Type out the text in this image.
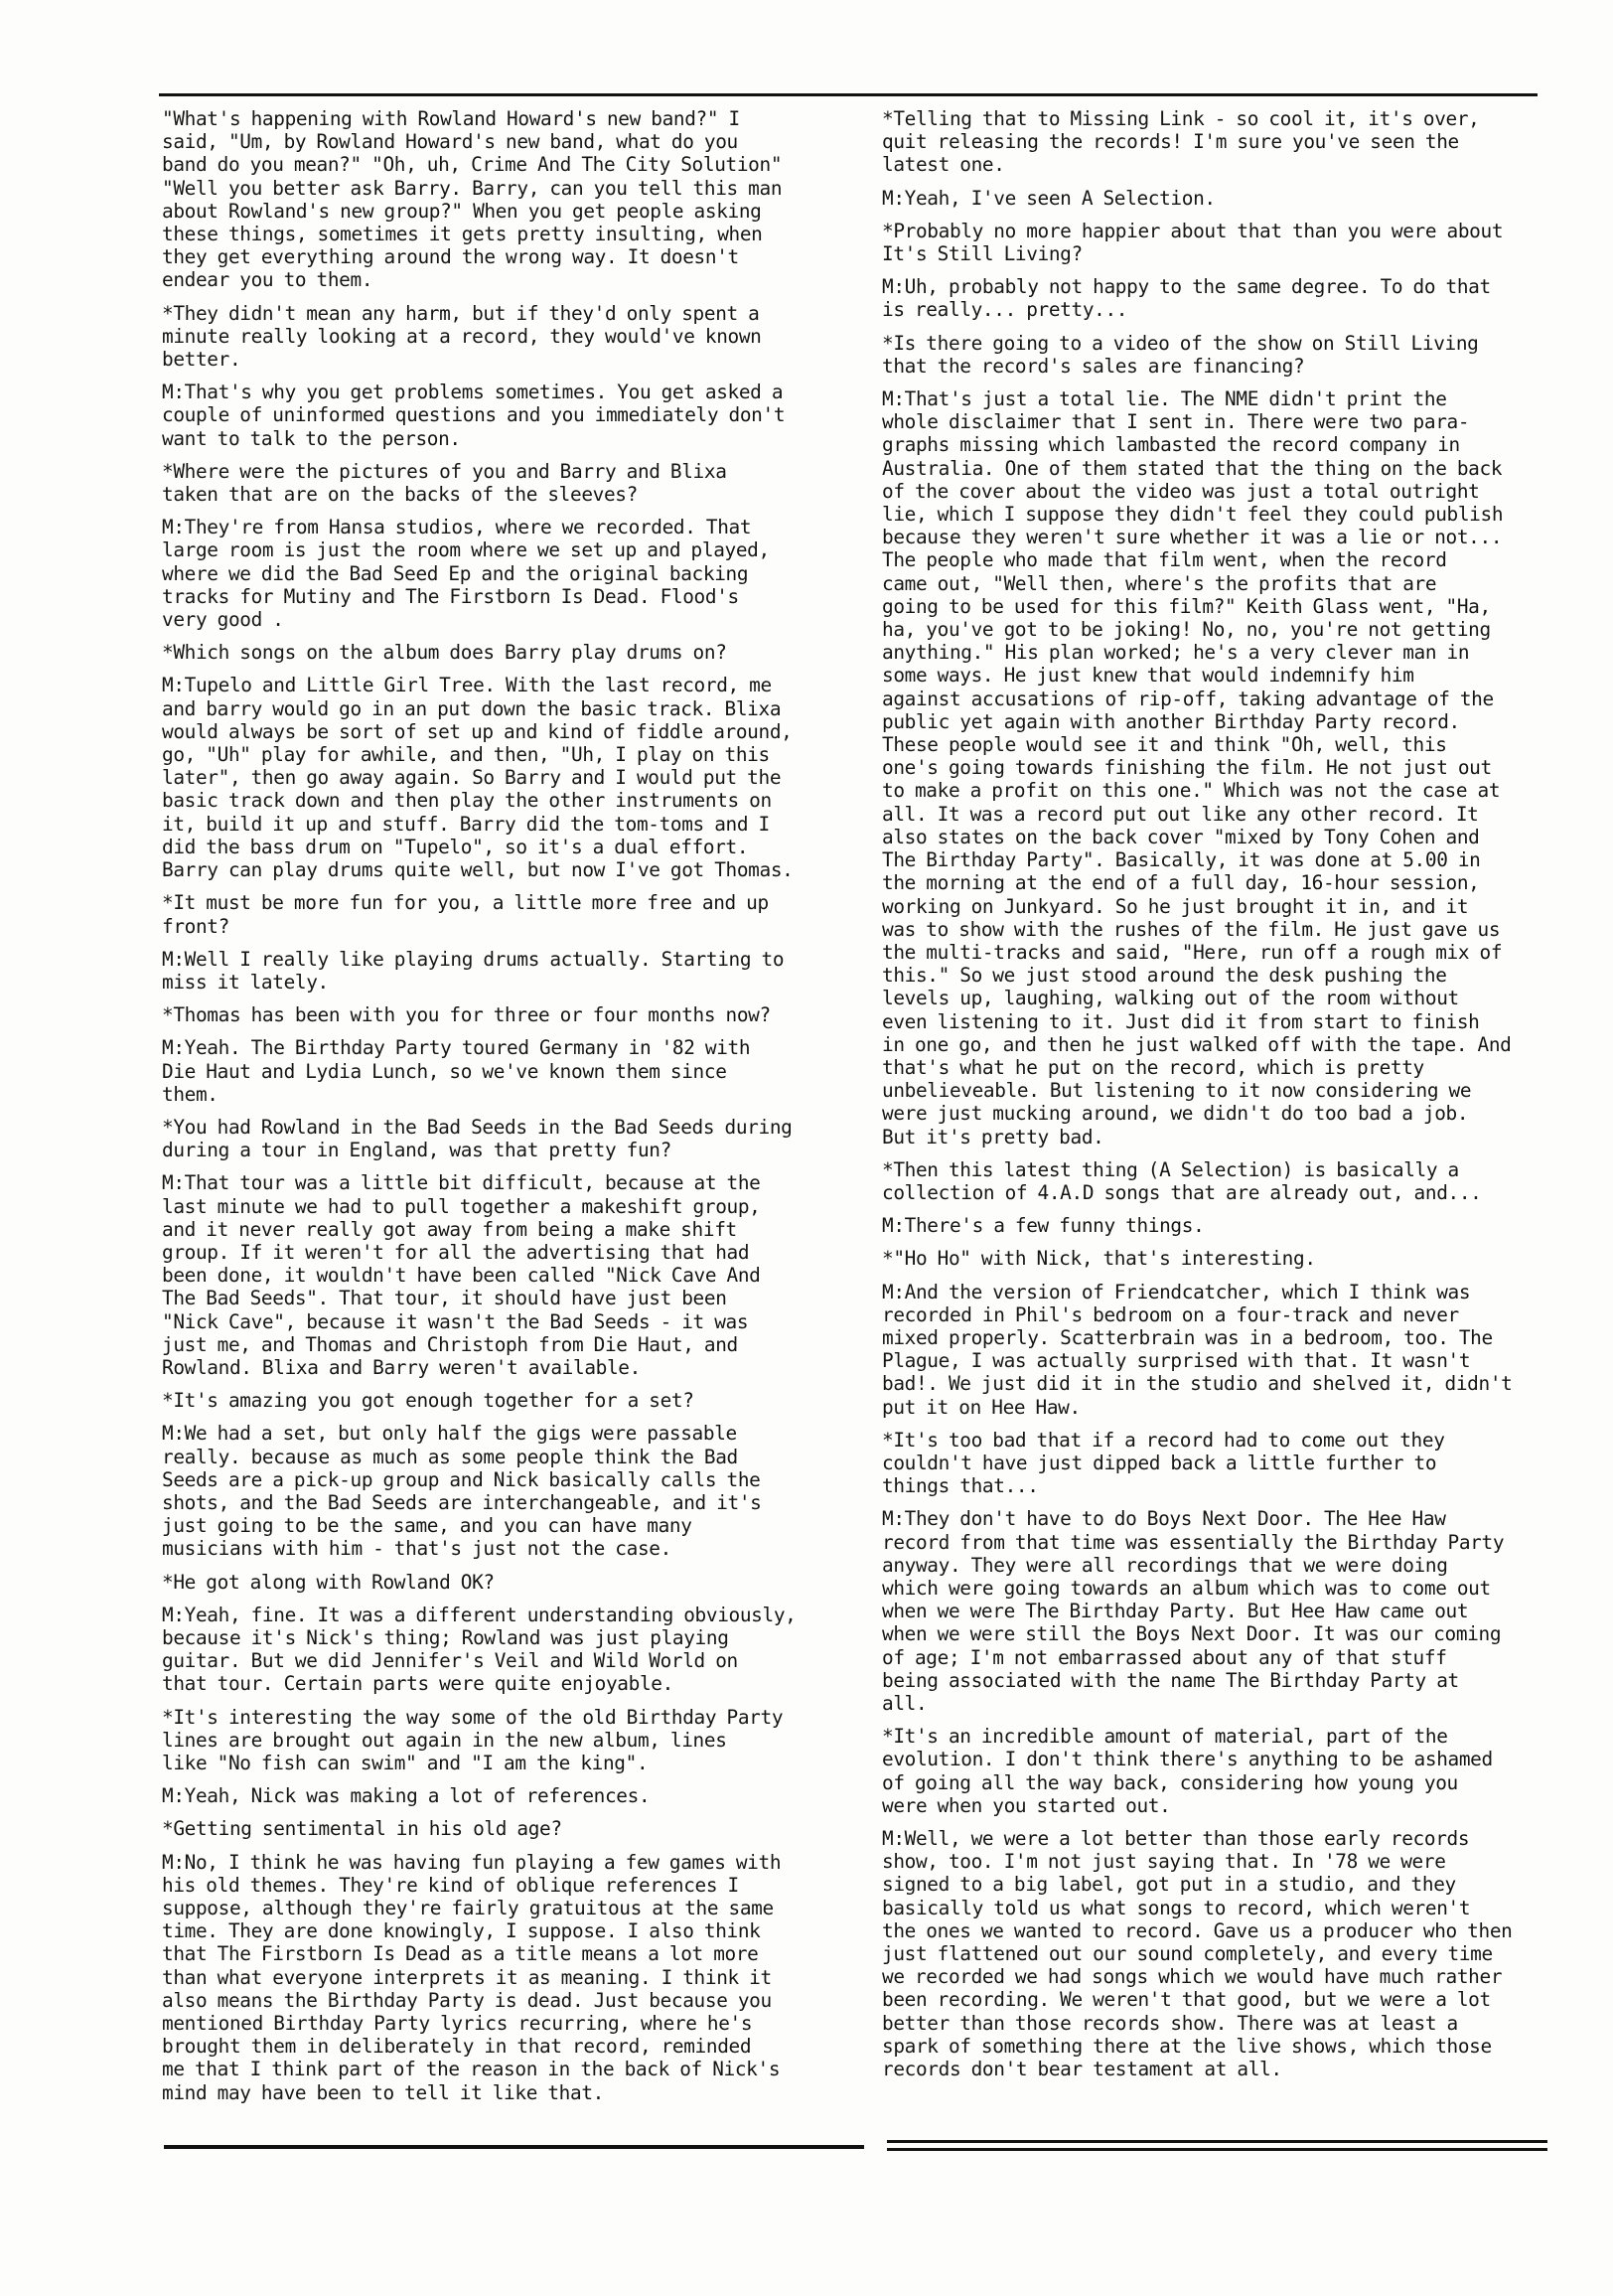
"What's happening with Rowland Howard's new band?" I
said, "Um, by Rowland Howard's new band, what do you
band do you mean?" "Oh, uh, Crime And The City Solution"
"Well you better ask Barry. Barry, can you tell this man
about Rowland's new group?" When you get people asking
these things, sometimes it gets pretty insulting, when
they get everything around the wrong way. It doesn't
endear you to them.

*They didn't mean any harm, but if they'd only spent a
minute really looking at a record, they would've known
better.

M:That's why you get problems sometimes. You get asked a
couple of uninformed questions and you immediately don't
want to talk to the person.

*Where were the pictures of you and Barry and Blixa
taken that are on the backs of the sleeves?

M:They're from Hansa studios, where we recorded. That
large room is just the room where we set up and played,
where we did the Bad Seed Ep and the original backing
tracks for Mutiny and The Firstborn Is Dead. Flood's
very good .

*Which songs on the album does Barry play drums on?

M:Tupelo and Little Girl Tree. With the last record, me
and barry would go in an put down the basic track. Blixa
would always be sort of set up and kind of fiddle around,
go, "Uh" play for awhile, and then, "Uh, I play on this
later", then go away again. So Barry and I would put the
basic track down and then play the other instruments on
it, build it up and stuff. Barry did the tom-toms and I
did the bass drum on "Tupelo", so it's a dual effort.
Barry can play drums quite well, but now I've got Thomas.

*It must be more fun for you, a little more free and up
front?

M:Well I really like playing drums actually. Starting to
miss it lately.

*Thomas has been with you for three or four months now?

M:Yeah. The Birthday Party toured Germany in '82 with
Die Haut and Lydia Lunch, so we've known them since
them.

*You had Rowland in the Bad Seeds in the Bad Seeds during
during a tour in England, was that pretty fun?

M:That tour was a little bit difficult, because at the
last minute we had to pull together a makeshift group,
and it never really got away from being a make shift
group. If it weren't for all the advertising that had
been done, it wouldn't have been called "Nick Cave And
The Bad Seeds". That tour, it should have just been
"Nick Cave", because it wasn't the Bad Seeds - it was
just me, and Thomas and Christoph from Die Haut, and
Rowland. Blixa and Barry weren't available.

*It's amazing you got enough together for a set?

M:We had a set, but only half the gigs were passable
really. because as much as some people think the Bad
Seeds are a pick-up group and Nick basically calls the
shots, and the Bad Seeds are interchangeable, and it's
just going to be the same, and you can have many
musicians with him - that's just not the case.

*He got along with Rowland OK?

M:Yeah, fine. It was a different understanding obviously,
because it's Nick's thing; Rowland was just playing
guitar. But we did Jennifer's Veil and Wild World on
that tour. Certain parts were quite enjoyable.

*It's interesting the way some of the old Birthday Party
lines are brought out again in the new album, lines
like "No fish can swim" and "I am the king".

M:Yeah, Nick was making a lot of references.

*Getting sentimental in his old age?

M:No, I think he was having fun playing a few games with
his old themes. They're kind of oblique references I
suppose, although they're fairly gratuitous at the same
time. They are done knowingly, I suppose. I also think
that The Firstborn Is Dead as a title means a lot more
than what everyone interprets it as meaning. I think it
also means the Birthday Party is dead. Just because you
mentioned Birthday Party lyrics recurring, where he's
brought them in deliberately in that record, reminded
me that I think part of the reason in the back of Nick's
mind may have been to tell it like that.

*Telling that to Missing Link - so cool it, it's over,
quit releasing the records! I'm sure you've seen the
latest one.

M:Yeah, I've seen A Selection.

*Probably no more happier about that than you were about
It's Still Living?

M:Uh, probably not happy to the same degree. To do that
is really... pretty...

*Is there going to a video of the show on Still Living
that the record's sales are financing?

M:That's just a total lie. The NME didn't print the
whole disclaimer that I sent in. There were two para-
graphs missing which lambasted the record company in
Australia. One of them stated that the thing on the back
of the cover about the video was just a total outright
lie, which I suppose they didn't feel they could publish
because they weren't sure whether it was a lie or not...
The people who made that film went, when the record
came out, "Well then, where's the profits that are
going to be used for this film?" Keith Glass went, "Ha,
ha, you've got to be joking! No, no, you're not getting
anything." His plan worked; he's a very clever man in
some ways. He just knew that would indemnify him
against accusations of rip-off, taking advantage of the
public yet again with another Birthday Party record.
These people would see it and think "Oh, well, this
one's going towards finishing the film. He not just out
to make a profit on this one." Which was not the case at
all. It was a record put out like any other record. It
also states on the back cover "mixed by Tony Cohen and
The Birthday Party". Basically, it was done at 5.00 in
the morning at the end of a full day, 16-hour session,
working on Junkyard. So he just brought it in, and it
was to show with the rushes of the film. He just gave us
the multi-tracks and said, "Here, run off a rough mix of
this." So we just stood around the desk pushing the
levels up, laughing, walking out of the room without
even listening to it. Just did it from start to finish
in one go, and then he just walked off with the tape. And
that's what he put on the record, which is pretty
unbelieveable. But listening to it now considering we
were just mucking around, we didn't do too bad a job.
But it's pretty bad.

*Then this latest thing (A Selection) is basically a
collection of 4.A.D songs that are already out, and...

M:There's a few funny things.

*"Ho Ho" with Nick, that's interesting.

M:And the version of Friendcatcher, which I think was
recorded in Phil's bedroom on a four-track and never
mixed properly. Scatterbrain was in a bedroom, too. The
Plague, I was actually surprised with that. It wasn't
bad!. We just did it in the studio and shelved it, didn't
put it on Hee Haw.

*It's too bad that if a record had to come out they
couldn't have just dipped back a little further to
things that...

M:They don't have to do Boys Next Door. The Hee Haw
record from that time was essentially the Birthday Party
anyway. They were all recordings that we were doing
which were going towards an album which was to come out
when we were The Birthday Party. But Hee Haw came out
when we were still the Boys Next Door. It was our coming
of age; I'm not embarrassed about any of that stuff
being associated with the name The Birthday Party at
all.

*It's an incredible amount of material, part of the
evolution. I don't think there's anything to be ashamed
of going all the way back, considering how young you
were when you started out.

M:Well, we were a lot better than those early records
show, too. I'm not just saying that. In '78 we were
signed to a big label, got put in a studio, and they
basically told us what songs to record, which weren't
the ones we wanted to record. Gave us a producer who then
just flattened out our sound completely, and every time
we recorded we had songs which we would have much rather
been recording. We weren't that good, but we were a lot
better than those records show. There was at least a
spark of something there at the live shows, which those
records don't bear testament at all.
